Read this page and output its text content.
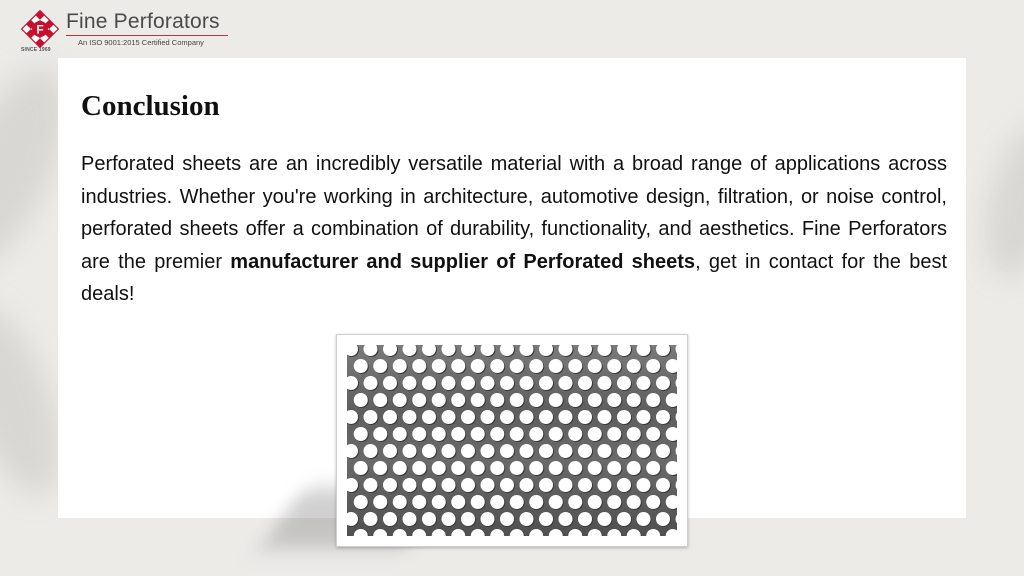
F
SINCE 1969
Fine Perforators
An ISO 9001:2015 Certified Company
Conclusion

Perforated sheets are an incredibly versatile material with a broad range of applications across industries. Whether you're working in architecture, automotive design, filtration, or noise control, perforated sheets offer a combination of durability, functionality, and aesthetics. Fine Perforators are the premier manufacturer and supplier of Perforated sheets, get in contact for the best deals!
